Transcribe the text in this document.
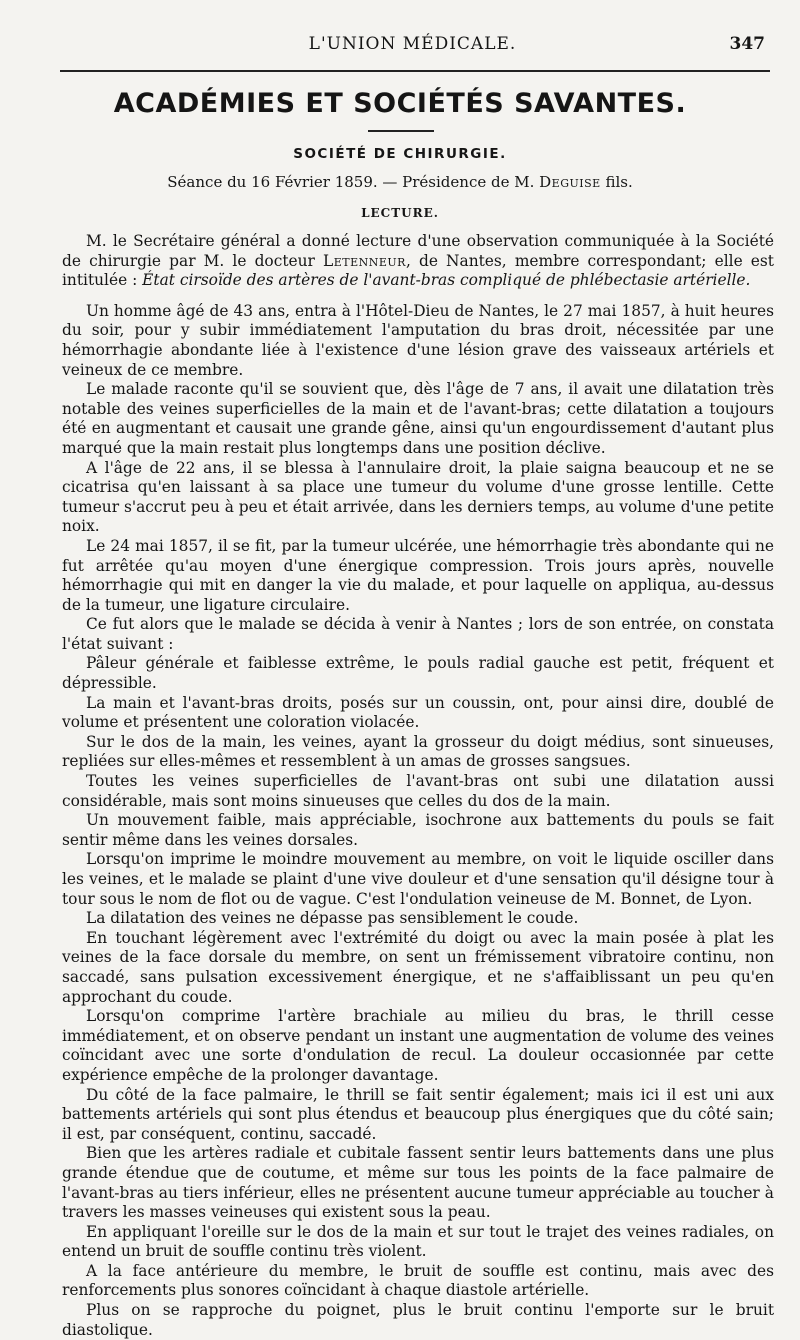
L'UNION MÉDICALE.	347
ACADÉMIES ET SOCIÉTÉS SAVANTES.
SOCIÉTÉ DE CHIRURGIE.
Séance du 16 Février 1859. — Présidence de M. Deguise fils.
LECTURE.

M. le Secrétaire général a donné lecture d'une observation communiquée à la Société de chirurgie par M. le docteur Letenneur, de Nantes, membre correspondant; elle est intitulée : État cirsoïde des artères de l'avant-bras compliqué de phlébectasie artérielle.

Un homme âgé de 43 ans, entra à l'Hôtel-Dieu de Nantes, le 27 mai 1857, à huit heures du soir, pour y subir immédiatement l'amputation du bras droit, nécessitée par une hémorrhagie abondante liée à l'existence d'une lésion grave des vaisseaux artériels et veineux de ce membre.

Le malade raconte qu'il se souvient que, dès l'âge de 7 ans, il avait une dilatation très notable des veines superficielles de la main et de l'avant-bras; cette dilatation a toujours été en augmentant et causait une grande gêne, ainsi qu'un engourdissement d'autant plus marqué que la main restait plus longtemps dans une position déclive.

A l'âge de 22 ans, il se blessa à l'annulaire droit, la plaie saigna beaucoup et ne se cicatrisa qu'en laissant à sa place une tumeur du volume d'une grosse lentille. Cette tumeur s'accrut peu à peu et était arrivée, dans les derniers temps, au volume d'une petite noix.

Le 24 mai 1857, il se fit, par la tumeur ulcérée, une hémorrhagie très abondante qui ne fut arrêtée qu'au moyen d'une énergique compression. Trois jours après, nouvelle hémorrhagie qui mit en danger la vie du malade, et pour laquelle on appliqua, au-dessus de la tumeur, une ligature circulaire.

Ce fut alors que le malade se décida à venir à Nantes ; lors de son entrée, on constata l'état suivant :

Pâleur générale et faiblesse extrême, le pouls radial gauche est petit, fréquent et dépressible.

La main et l'avant-bras droits, posés sur un coussin, ont, pour ainsi dire, doublé de volume et présentent une coloration violacée.

Sur le dos de la main, les veines, ayant la grosseur du doigt médius, sont sinueuses, repliées sur elles-mêmes et ressemblent à un amas de grosses sangsues.

Toutes les veines superficielles de l'avant-bras ont subi une dilatation aussi considérable, mais sont moins sinueuses que celles du dos de la main.

Un mouvement faible, mais appréciable, isochrone aux battements du pouls se fait sentir même dans les veines dorsales.

Lorsqu'on imprime le moindre mouvement au membre, on voit le liquide osciller dans les veines, et le malade se plaint d'une vive douleur et d'une sensation qu'il désigne tour à tour sous le nom de flot ou de vague. C'est l'ondulation veineuse de M. Bonnet, de Lyon.

La dilatation des veines ne dépasse pas sensiblement le coude.

En touchant légèrement avec l'extrémité du doigt ou avec la main posée à plat les veines de la face dorsale du membre, on sent un frémissement vibratoire continu, non saccadé, sans pulsation excessivement énergique, et ne s'affaiblissant un peu qu'en approchant du coude.

Lorsqu'on comprime l'artère brachiale au milieu du bras, le thrill cesse immédiatement, et on observe pendant un instant une augmentation de volume des veines coïncidant avec une sorte d'ondulation de recul. La douleur occasionnée par cette expérience empêche de la prolonger davantage.

Du côté de la face palmaire, le thrill se fait sentir également; mais ici il est uni aux battements artériels qui sont plus étendus et beaucoup plus énergiques que du côté sain; il est, par conséquent, continu, saccadé.

Bien que les artères radiale et cubitale fassent sentir leurs battements dans une plus grande étendue que de coutume, et même sur tous les points de la face palmaire de l'avant-bras au tiers inférieur, elles ne présentent aucune tumeur appréciable au toucher à travers les masses veineuses qui existent sous la peau.

En appliquant l'oreille sur le dos de la main et sur tout le trajet des veines radiales, on entend un bruit de souffle continu très violent.

A la face antérieure du membre, le bruit de souffle est continu, mais avec des renforcements plus sonores coïncidant à chaque diastole artérielle.

Plus on se rapproche du poignet, plus le bruit continu l'emporte sur le bruit diastolique.
